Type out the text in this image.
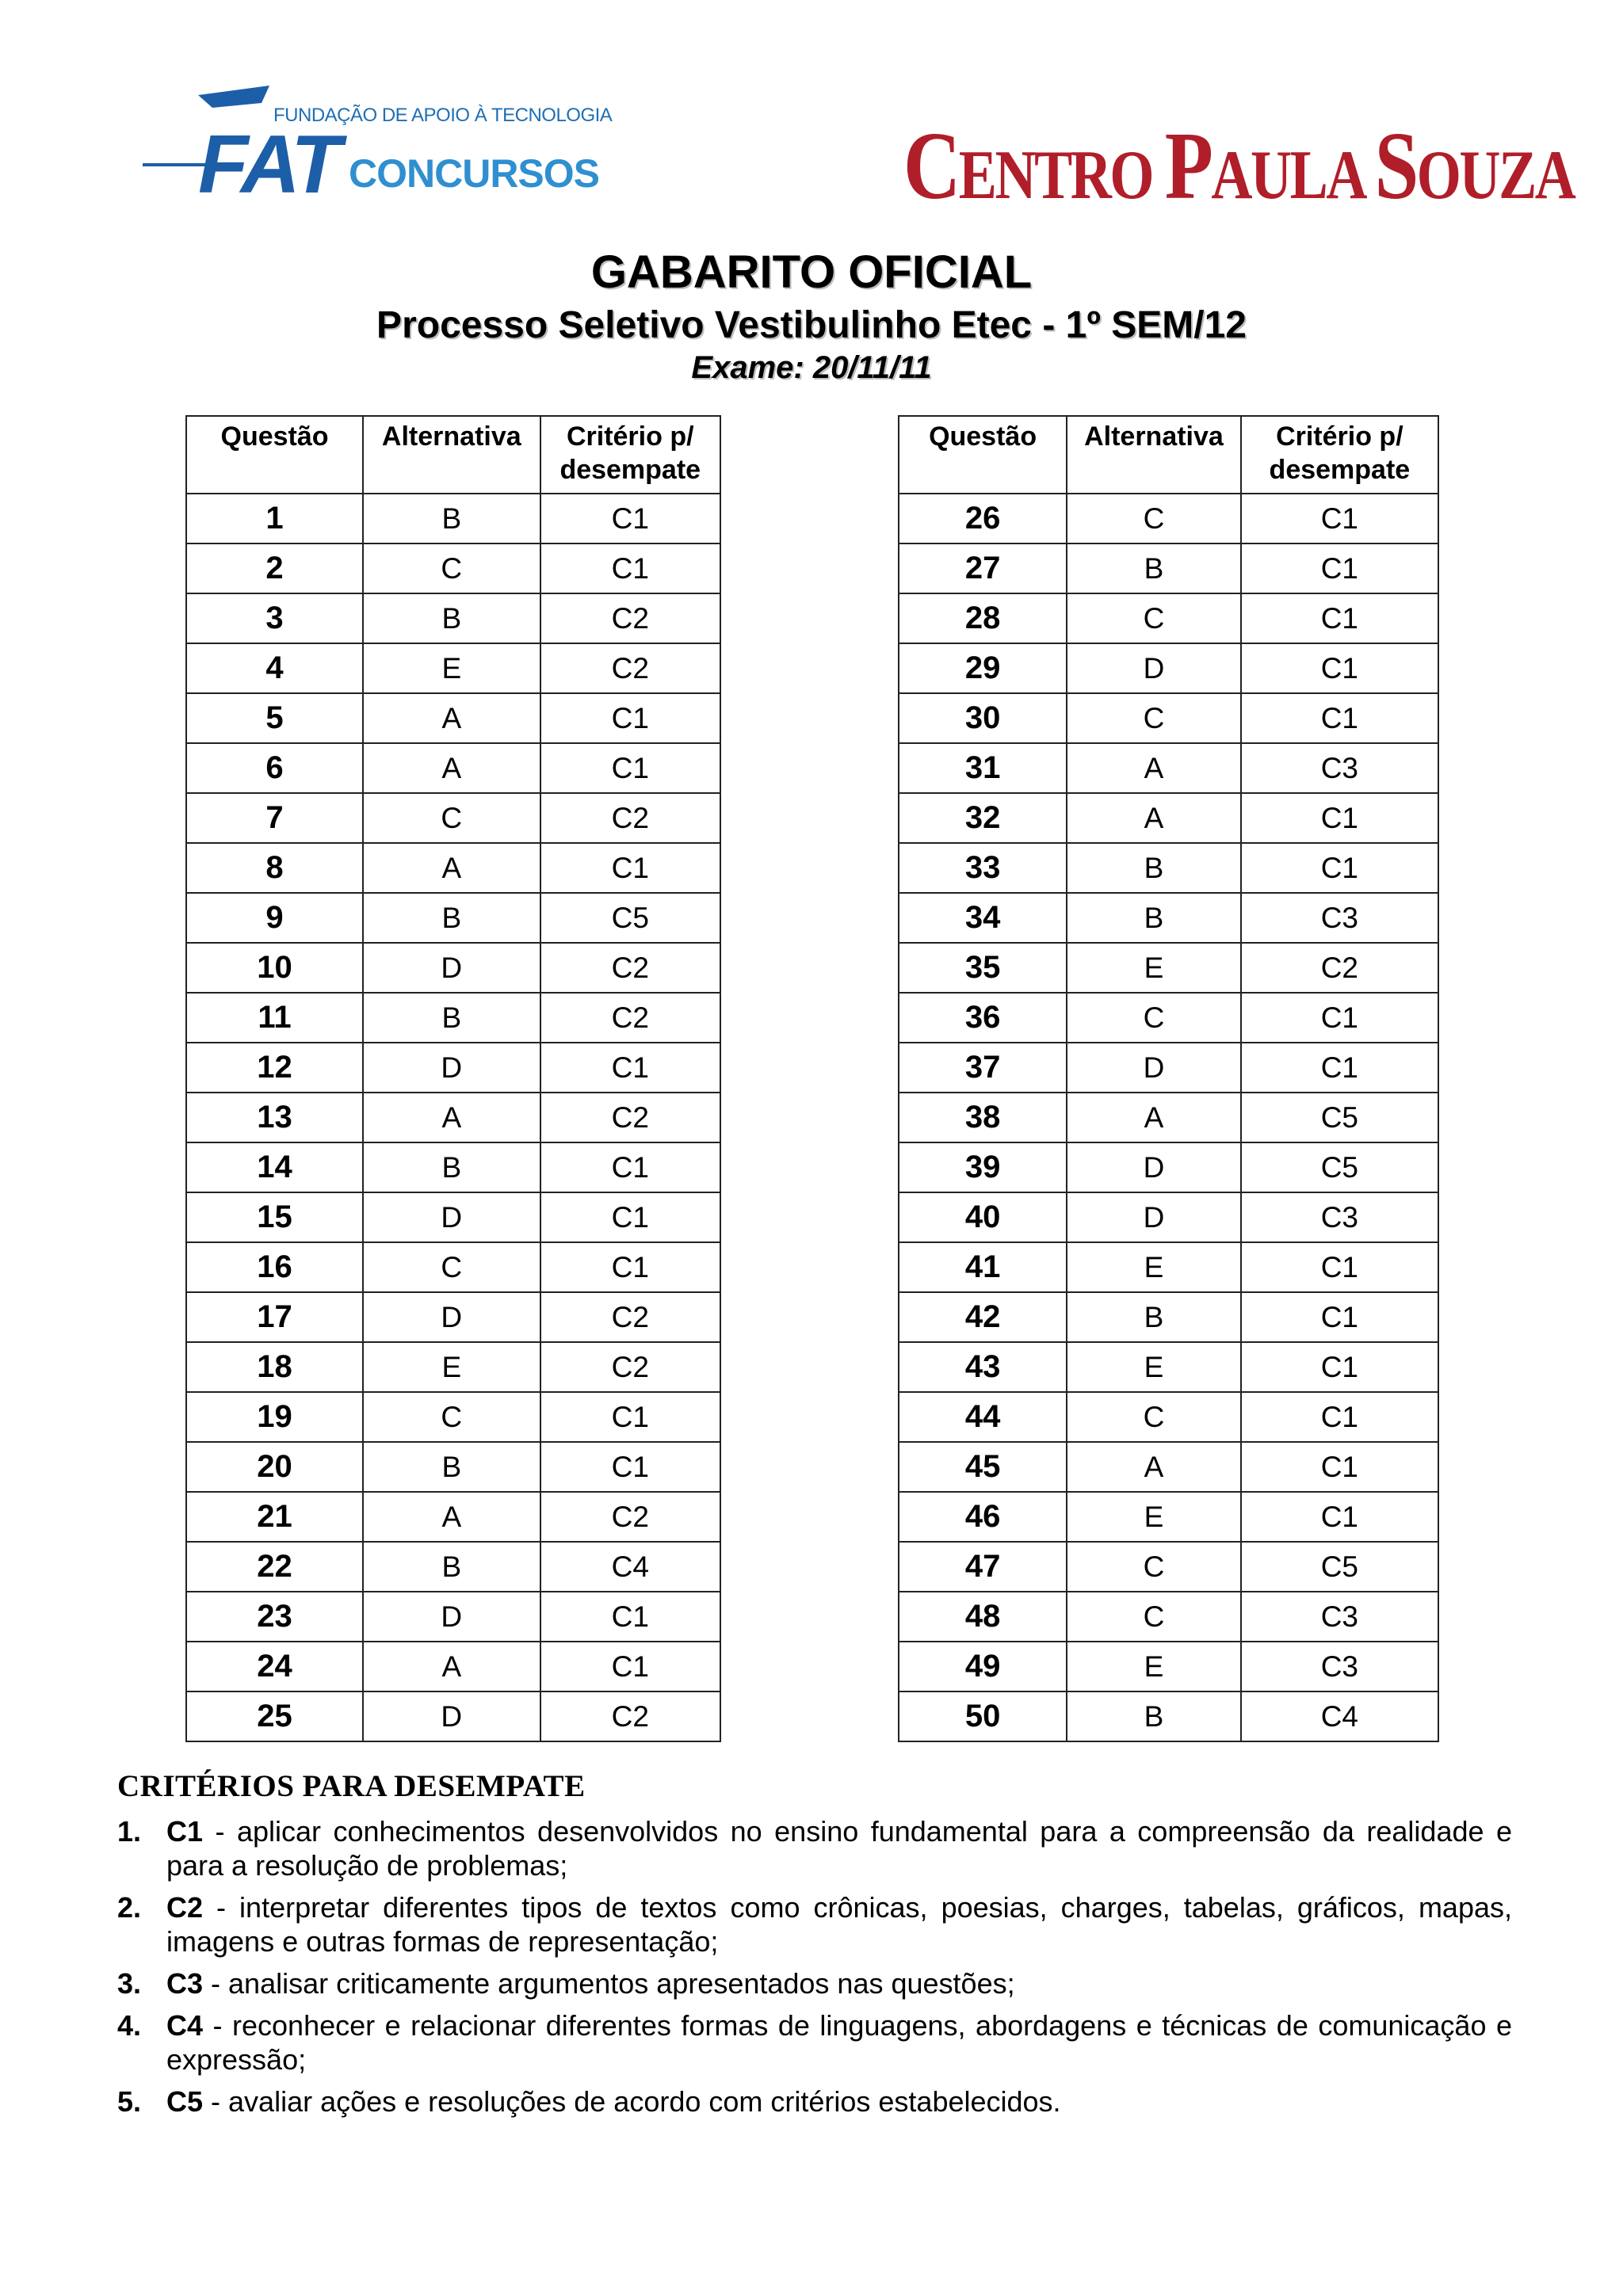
FUNDAÇÃO DE APOIO À TECNOLOGIA
FAT CONCURSOS	CENTRO PAULA SOUZA
GABARITO OFICIAL
Processo Seletivo Vestibulinho Etec - 1º SEM/12
Exame: 20/11/11
Questão	Alternativa	Critério p/ desempate
1	B	C1
2	C	C1
3	B	C2
4	E	C2
5	A	C1
6	A	C1
7	C	C2
8	A	C1
9	B	C5
10	D	C2
11	B	C2
12	D	C1
13	A	C2
14	B	C1
15	D	C1
16	C	C1
17	D	C2
18	E	C2
19	C	C1
20	B	C1
21	A	C2
22	B	C4
23	D	C1
24	A	C1
25	D	C2
Questão	Alternativa	Critério p/ desempate
26	C	C1
27	B	C1
28	C	C1
29	D	C1
30	C	C1
31	A	C3
32	A	C1
33	B	C1
34	B	C3
35	E	C2
36	C	C1
37	D	C1
38	A	C5
39	D	C5
40	D	C3
41	E	C1
42	B	C1
43	E	C1
44	C	C1
45	A	C1
46	E	C1
47	C	C5
48	C	C3
49	E	C3
50	B	C4
CRITÉRIOS PARA DESEMPATE
1. C1 - aplicar conhecimentos desenvolvidos no ensino fundamental para a compreensão da realidade e para a resolução de problemas;
2. C2 - interpretar diferentes tipos de textos como crônicas, poesias, charges, tabelas, gráficos, mapas, imagens e outras formas de representação;
3. C3 - analisar criticamente argumentos apresentados nas questões;
4. C4 - reconhecer e relacionar diferentes formas de linguagens, abordagens e técnicas de comunicação e expressão;
5. C5 - avaliar ações e resoluções de acordo com critérios estabelecidos.
